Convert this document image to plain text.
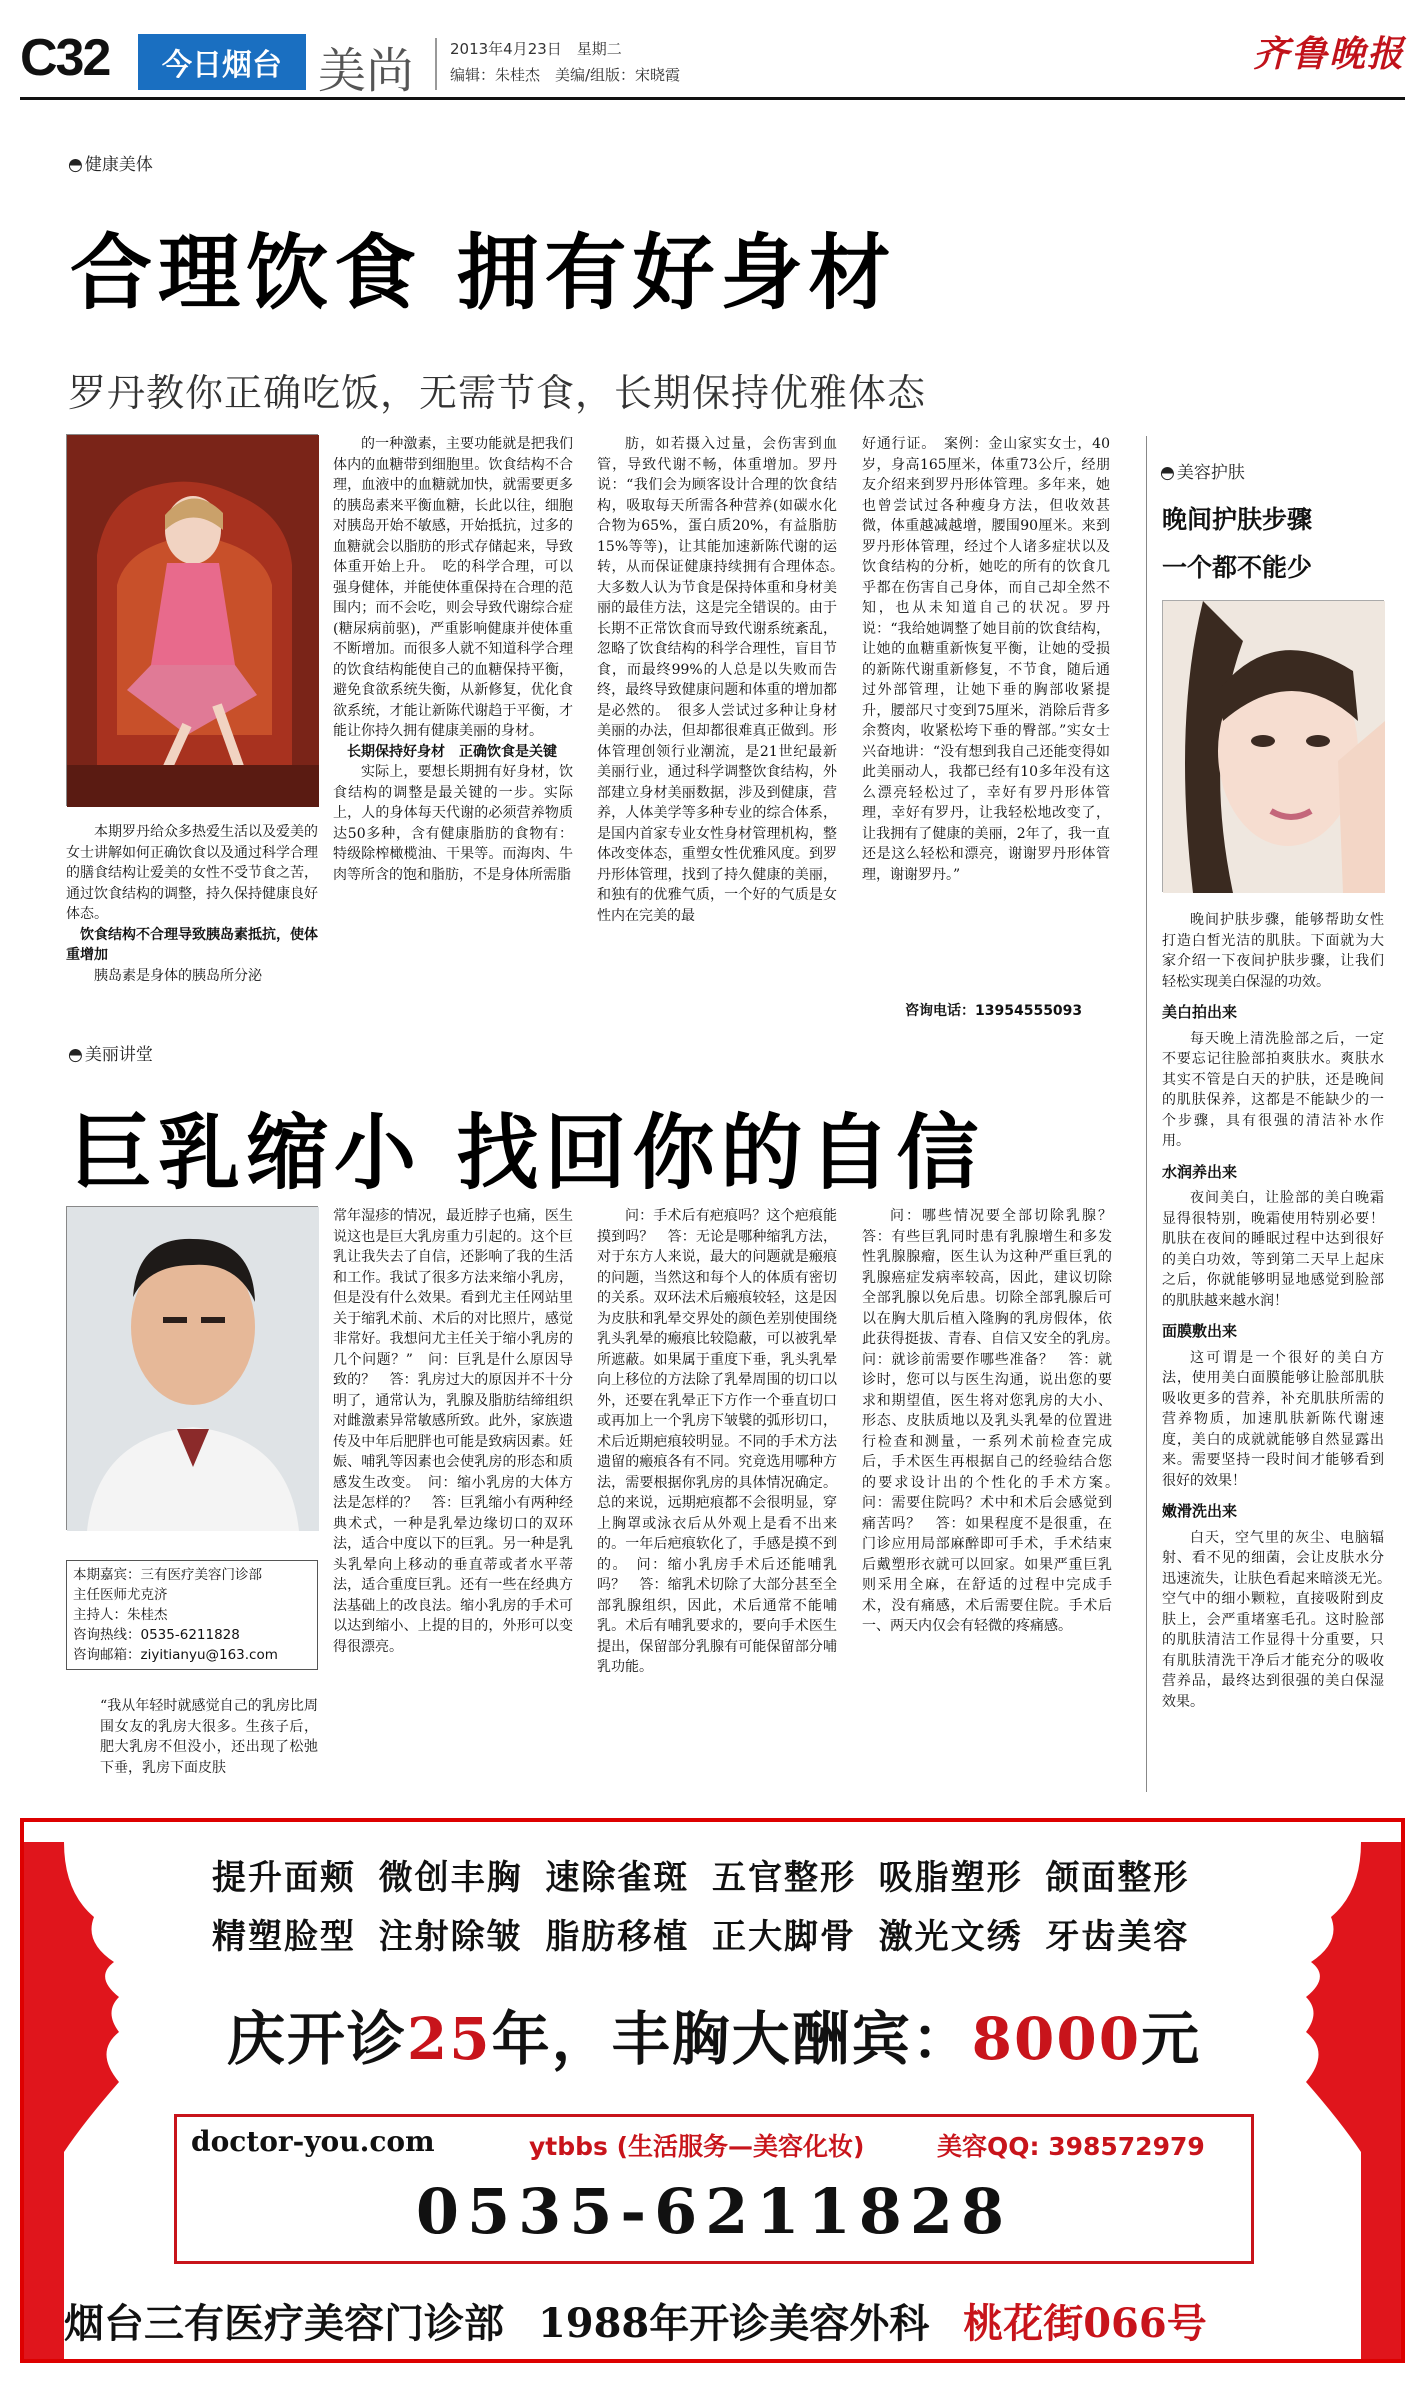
C32	今日烟台 美尚 2013年4月23日　星期二
编辑：朱桂杰　美编/组版：宋晓霞	齐鲁晚报
◓ 健康美体
合理饮食 拥有好身材
罗丹教你正确吃饭，无需节食，长期保持优雅体态

本期罗丹给众多热爱生活以及爱美的女士讲解如何正确饮食以及通过科学合理的膳食结构让爱美的女性不受节食之苦，通过饮食结构的调整，持久保持健康良好体态。

饮食结构不合理导致胰岛素抵抗，使体重增加

胰岛素是身体的胰岛所分泌

的一种激素，主要功能就是把我们体内的血糖带到细胞里。饮食结构不合理，血液中的血糖就加快，就需要更多的胰岛素来平衡血糖，长此以往，细胞对胰岛开始不敏感，开始抵抗，过多的血糖就会以脂肪的形式存储起来，导致体重开始上升。　吃的科学合理，可以强身健体，并能使体重保持在合理的范围内；而不会吃，则会导致代谢综合症(糖尿病前驱)，严重影响健康并使体重不断增加。而很多人就不知道科学合理的饮食结构能使自己的血糖保持平衡，避免食欲系统失衡，从新修复，优化食欲系统，才能让新陈代谢趋于平衡，才能让你持久拥有健康美丽的身材。

长期保持好身材　正确饮食是关键

实际上，要想长期拥有好身材，饮食结构的调整是最关键的一步。实际上，人的身体每天代谢的必须营养物质达50多种，含有健康脂肪的食物有：特级除榨橄榄油、干果等。而海肉、牛肉等所含的饱和脂肪，不是身体所需脂

肪，如若摄入过量，会伤害到血管，导致代谢不畅，体重增加。罗丹说：“我们会为顾客设计合理的饮食结构，吸取每天所需各种营养(如碳水化合物为65%，蛋白质20%，有益脂肪15%等等)，让其能加速新陈代谢的运转，从而保证健康持续拥有合理体态。　大多数人认为节食是保持体重和身材美丽的最佳方法，这是完全错误的。由于长期不正常饮食而导致代谢系统紊乱，忽略了饮食结构的科学合理性，盲目节食，而最终99%的人总是以失败而告终，最终导致健康问题和体重的增加都是必然的。　很多人尝试过多种让身材美丽的办法，但却都很难真正做到。形体管理创领行业潮流，是21世纪最新美丽行业，通过科学调整饮食结构，外部建立身材美丽数据，涉及到健康，营养，人体美学等多种专业的综合体系，是国内首家专业女性身材管理机构，整体改变体态，重塑女性优雅风度。到罗丹形体管理，找到了持久健康的美丽，和独有的优雅气质，一个好的气质是女性内在完美的最

好通行证。　案例：金山家实女士，40岁，身高165厘米，体重73公斤，经朋友介绍来到罗丹形体管理。多年来，她也曾尝试过各种瘦身方法，但收效甚微，体重越减越增，腰围90厘米。来到罗丹形体管理，经过个人诸多症状以及饮食结构的分析，她吃的所有的饮食几乎都在伤害自己身体，而自己却全然不知，也从未知道自己的状况。罗丹说：“我给她调整了她目前的饮食结构，让她的血糖重新恢复平衡，让她的受损的新陈代谢重新修复，不节食，随后通过外部管理，让她下垂的胸部收紧提升，腰部尺寸变到75厘米，消除后背多余赘肉，收紧松垮下垂的臀部。”实女士兴奋地讲：“没有想到我自己还能变得如此美丽动人，我都已经有10多年没有这么漂亮轻松过了，幸好有罗丹形体管理，幸好有罗丹，让我轻松地改变了，让我拥有了健康的美丽，2年了，我一直还是这么轻松和漂亮，谢谢罗丹形体管理，谢谢罗丹。”

咨询电话：13954555093
◓ 美容护肤
晚间护肤步骤
一个都不能少

晚间护肤步骤，能够帮助女性打造白皙光洁的肌肤。下面就为大家介绍一下夜间护肤步骤，让我们轻松实现美白保湿的功效。

美白拍出来

每天晚上清洗脸部之后，一定不要忘记往脸部拍爽肤水。爽肤水其实不管是白天的护肤，还是晚间的肌肤保养，这都是不能缺少的一个步骤，具有很强的清洁补水作用。

水润养出来

夜间美白，让脸部的美白晚霜显得很特别，晚霜使用特别必要！肌肤在夜间的睡眠过程中达到很好的美白功效，等到第二天早上起床之后，你就能够明显地感觉到脸部的肌肤越来越水润！

面膜敷出来

这可谓是一个很好的美白方法，使用美白面膜能够让脸部肌肤吸收更多的营养，补充肌肤所需的营养物质，加速肌肤新陈代谢速度，美白的成就就能够自然显露出来。需要坚持一段时间才能够看到很好的效果！

嫩滑洗出来

白天，空气里的灰尘、电脑辐射、看不见的细菌，会让皮肤水分迅速流失，让肤色看起来暗淡无光。　空气中的细小颗粒，直接吸附到皮肤上，会严重堵塞毛孔。这时脸部的肌肤清洁工作显得十分重要，只有肌肤清洗干净后才能充分的吸收营养品，最终达到很强的美白保湿效果。

◓ 美丽讲堂
巨乳缩小 找回你的自信
本期嘉宾：三有医疗美容门诊部
主任医师尤克济
主持人：朱桂杰
咨询热线：0535-6211828
咨询邮箱：ziyitianyu@163.com

“我从年轻时就感觉自己的乳房比周围女友的乳房大很多。生孩子后，肥大乳房不但没小，还出现了松弛下垂，乳房下面皮肤

常年湿疹的情况，最近脖子也痛，医生说这也是巨大乳房重力引起的。这个巨乳让我失去了自信，还影响了我的生活和工作。我试了很多方法来缩小乳房，但是没有什么效果。看到尤主任网站里关于缩乳术前、术后的对比照片，感觉非常好。我想问尤主任关于缩小乳房的几个问题？”　问：巨乳是什么原因导致的？　答：乳房过大的原因并不十分明了，通常认为，乳腺及脂肪结缔组织对雌激素异常敏感所致。此外，家族遗传及中年后肥胖也可能是致病因素。妊娠、哺乳等因素也会使乳房的形态和质感发生改变。　问：缩小乳房的大体方法是怎样的？　答：巨乳缩小有两种经典术式，一种是乳晕边缘切口的双环法，适合中度以下的巨乳。另一种是乳头乳晕向上移动的垂直蒂或者水平蒂法，适合重度巨乳。还有一些在经典方法基础上的改良法。缩小乳房的手术可以达到缩小、上提的目的，外形可以变得很漂亮。

问：手术后有疤痕吗？这个疤痕能摸到吗？　答：无论是哪种缩乳方法，对于东方人来说，最大的问题就是瘢痕的问题，当然这和每个人的体质有密切的关系。双环法术后瘢痕较轻，这是因为皮肤和乳晕交界处的颜色差别使围绕乳头乳晕的瘢痕比较隐蔽，可以被乳晕所遮蔽。如果属于重度下垂，乳头乳晕向上移位的方法除了乳晕周围的切口以外，还要在乳晕正下方作一个垂直切口或再加上一个乳房下皱襞的弧形切口，术后近期疤痕较明显。不同的手术方法遗留的瘢痕各有不同。究竟选用哪种方法，需要根据你乳房的具体情况确定。总的来说，远期疤痕都不会很明显，穿上胸罩或泳衣后从外观上是看不出来的。一年后疤痕软化了，手感是摸不到的。　问：缩小乳房手术后还能哺乳吗？　答：缩乳术切除了大部分甚至全部乳腺组织，因此，术后通常不能哺乳。术后有哺乳要求的，要向手术医生提出，保留部分乳腺有可能保留部分哺乳功能。

问：哪些情况要全部切除乳腺？　答：有些巨乳同时患有乳腺增生和多发性乳腺腺瘤，医生认为这种严重巨乳的乳腺癌症发病率较高，因此，建议切除全部乳腺以免后患。切除全部乳腺后可以在胸大肌后植入隆胸的乳房假体，依此获得挺拔、青春、自信又安全的乳房。　问：就诊前需要作哪些准备？　答：就诊时，您可以与医生沟通，说出您的要求和期望值，医生将对您乳房的大小、形态、皮肤质地以及乳头乳晕的位置进行检查和测量，一系列术前检查完成后，手术医生再根据自己的经验结合您的要求设计出的个性化的手术方案。　问：需要住院吗？术中和术后会感觉到痛苦吗？　答：如果程度不是很重，在门诊应用局部麻醉即可手术，手术结束后戴塑形衣就可以回家。如果严重巨乳则采用全麻，在舒适的过程中完成手术，没有痛感，术后需要住院。手术后一、两天内仅会有轻微的疼痛感。

提升面颊 微创丰胸 速除雀斑 五官整形 吸脂塑形 颌面整形
精塑脸型 注射除皱 脂肪移植 正大脚骨 激光文绣 牙齿美容
庆开诊25年，丰胸大酬宾：8000元
doctor-you.com	ytbbs (生活服务—美容化妆)	美容QQ: 398572979
0535-6211828
烟台三有医疗美容门诊部 1988年开诊美容外科 桃花街066号
